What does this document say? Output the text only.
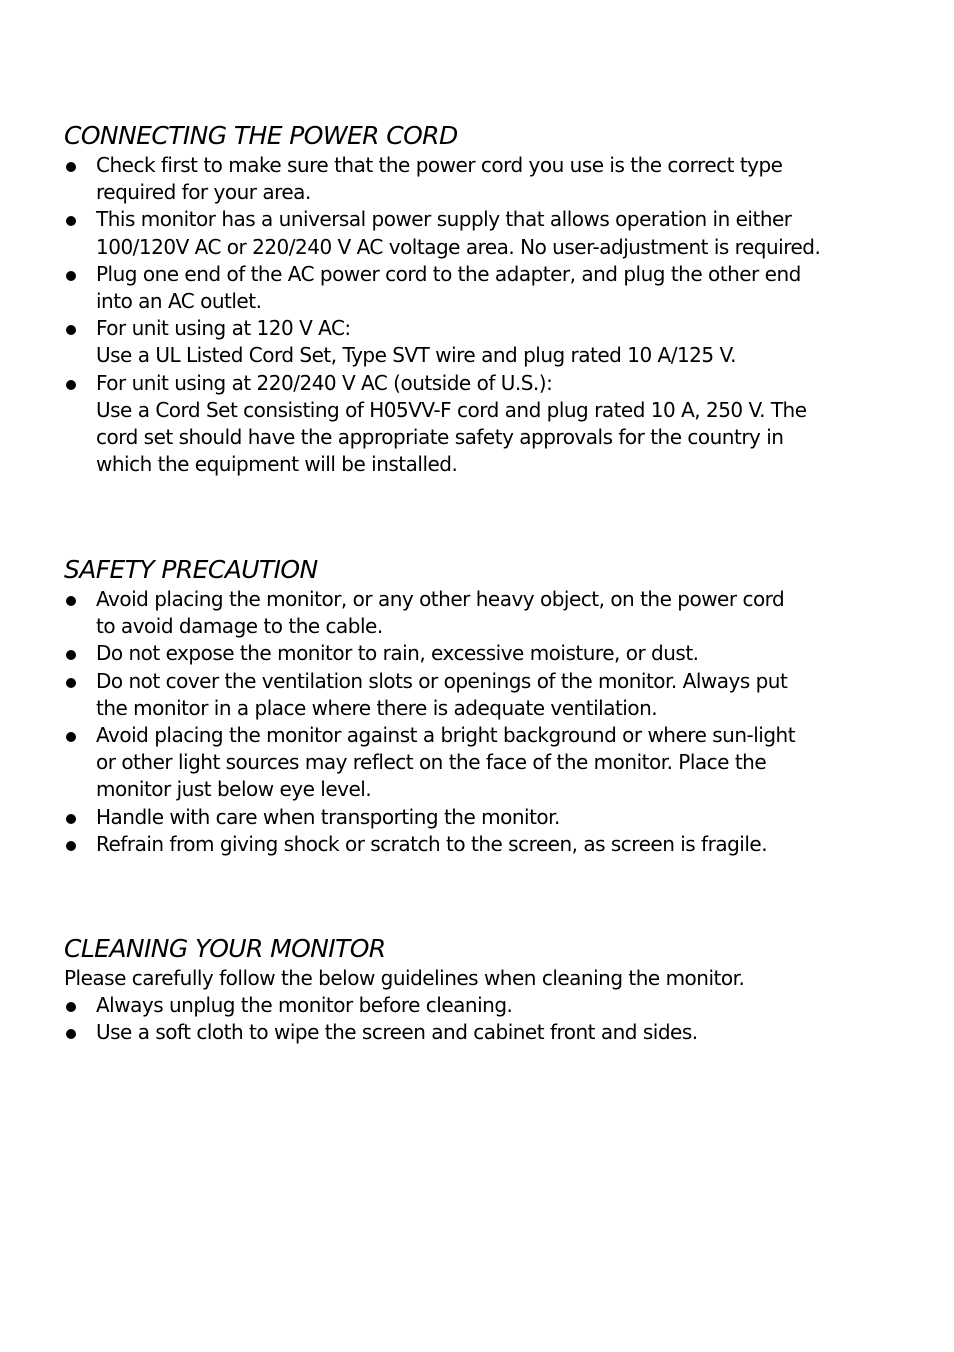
CONNECTING THE POWER CORD
Check first to make sure that the power cord you use is the correct type
required for your area.
This monitor has a universal power supply that allows operation in either
100/120V AC or 220/240 V AC voltage area. No user-adjustment is required.
Plug one end of the AC power cord to the adapter, and plug the other end
into an AC outlet.
For unit using at 120 V AC:
Use a UL Listed Cord Set, Type SVT wire and plug rated 10 A/125 V.
For unit using at 220/240 V AC (outside of U.S.):
Use a Cord Set consisting of H05VV-F cord and plug rated 10 A, 250 V. The
cord set should have the appropriate safety approvals for the country in
which the equipment will be installed.
SAFETY PRECAUTION
Avoid placing the monitor, or any other heavy object, on the power cord
to avoid damage to the cable.
Do not expose the monitor to rain, excessive moisture, or dust.
Do not cover the ventilation slots or openings of the monitor. Always put
the monitor in a place where there is adequate ventilation.
Avoid placing the monitor against a bright background or where sun-light
or other light sources may reflect on the face of the monitor. Place the
monitor just below eye level.
Handle with care when transporting the monitor.
Refrain from giving shock or scratch to the screen, as screen is fragile.
CLEANING YOUR MONITOR
Please carefully follow the below guidelines when cleaning the monitor.
Always unplug the monitor before cleaning.
Use a soft cloth to wipe the screen and cabinet front and sides.
